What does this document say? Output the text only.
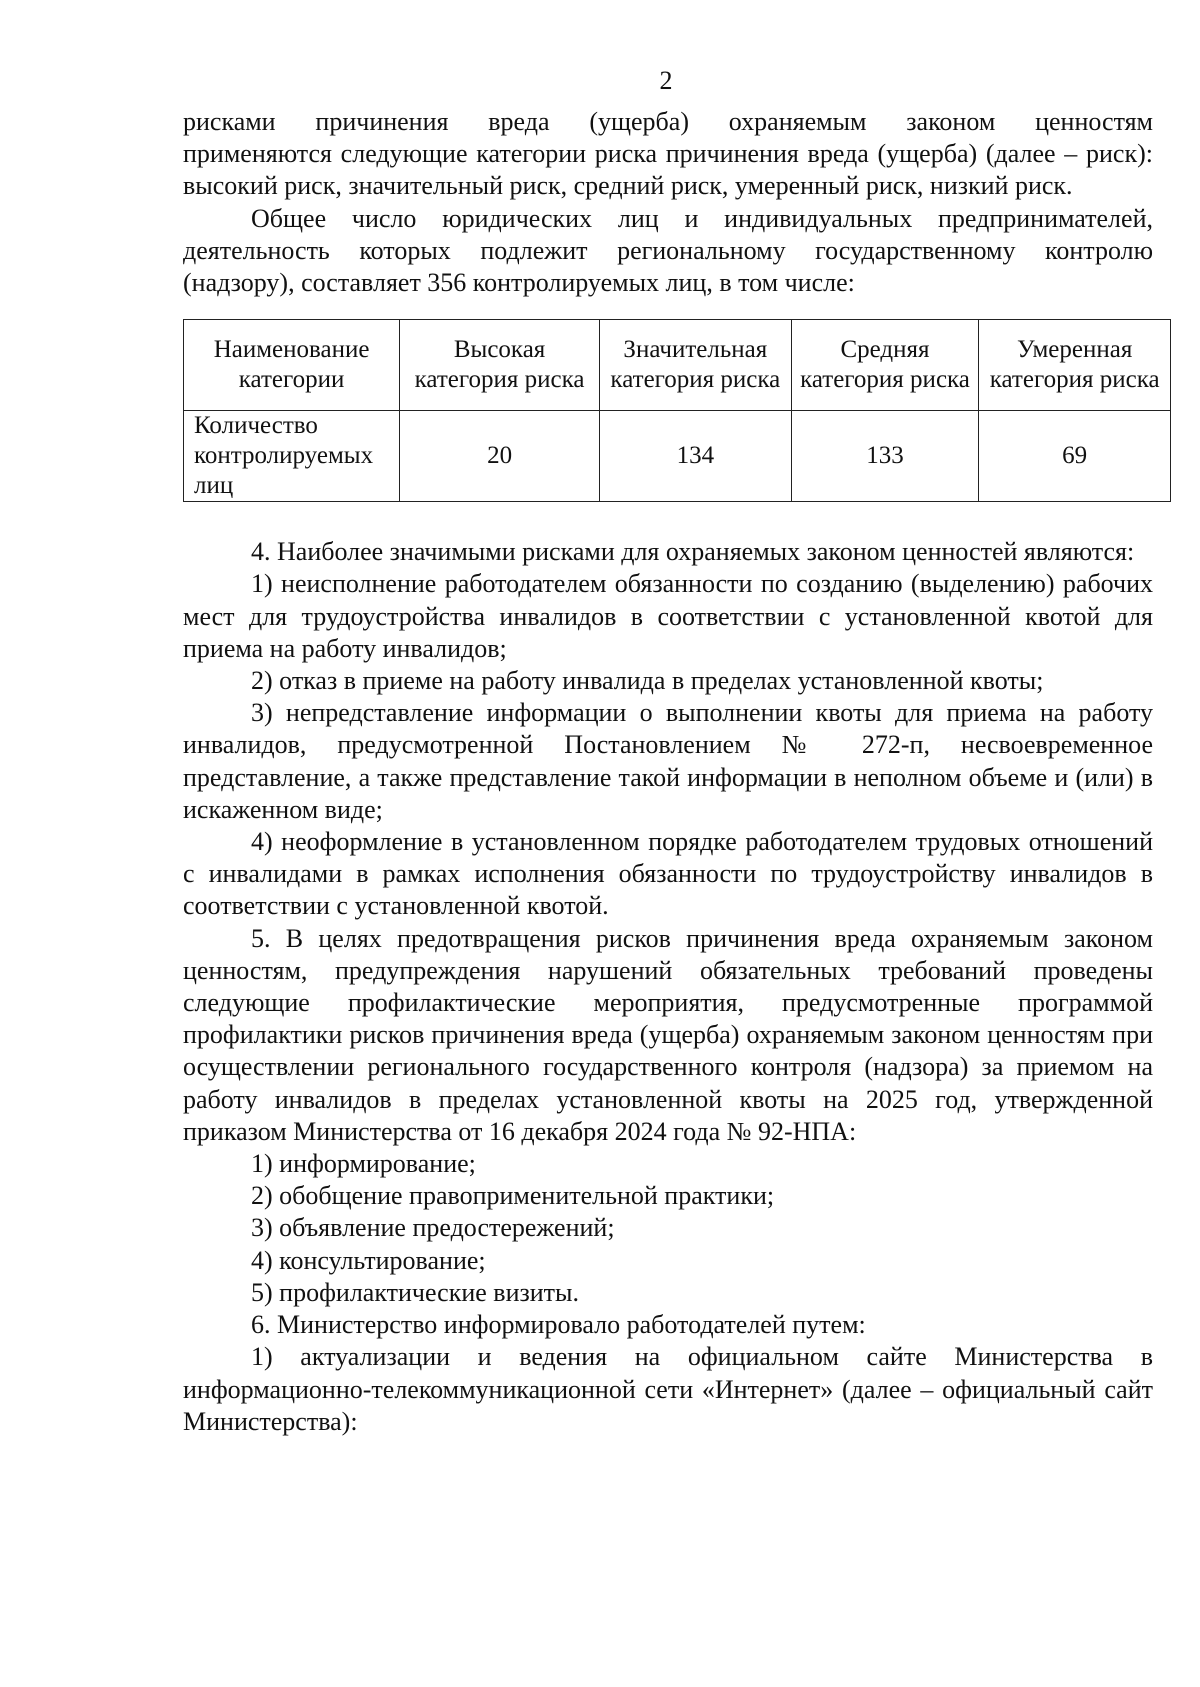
2

рисками причинения вреда (ущерба) охраняемым законом ценностям

применяются следующие категории риска причинения вреда (ущерба) (далее – риск): высокий риск, значительный риск, средний риск, умеренный риск, низкий риск.

Общее число юридических лиц и индивидуальных предпринимателей, деятельность которых подлежит региональному государственному контролю (надзору), составляет 356 контролируемых лиц, в том числе:

Наименование категории	Высокая категория риска	Значительная категория риска	Средняя категория риска	Умеренная категория риска
Количество контролируемых лиц	20	134	133	69

4. Наиболее значимыми рисками для охраняемых законом ценностей являются:

1) неисполнение работодателем обязанности по созданию (выделению) рабочих мест для трудоустройства инвалидов в соответствии с установленной квотой для приема на работу инвалидов;

2) отказ в приеме на работу инвалида в пределах установленной квоты;

3) непредставление информации о выполнении квоты для приема на работу инвалидов, предусмотренной Постановлением № 272-п, несвоевременное представление, а также представление такой информации в неполном объеме и (или) в искаженном виде;

4) неоформление в установленном порядке работодателем трудовых отношений с инвалидами в рамках исполнения обязанности по трудоустройству инвалидов в соответствии с установленной квотой.

5. В целях предотвращения рисков причинения вреда охраняемым законом ценностям, предупреждения нарушений обязательных требований проведены следующие профилактические мероприятия, предусмотренные программой профилактики рисков причинения вреда (ущерба) охраняемым законом ценностям при осуществлении регионального государственного контроля (надзора) за приемом на работу инвалидов в пределах установленной квоты на 2025 год, утвержденной приказом Министерства от 16 декабря 2024 года № 92-НПА:

1) информирование;

2) обобщение правоприменительной практики;

3) объявление предостережений;

4) консультирование;

5) профилактические визиты.

6. Министерство информировало работодателей путем:

1) актуализации и ведения на официальном сайте Министерства в информационно-телекоммуникационной сети «Интернет» (далее – официальный сайт Министерства):
